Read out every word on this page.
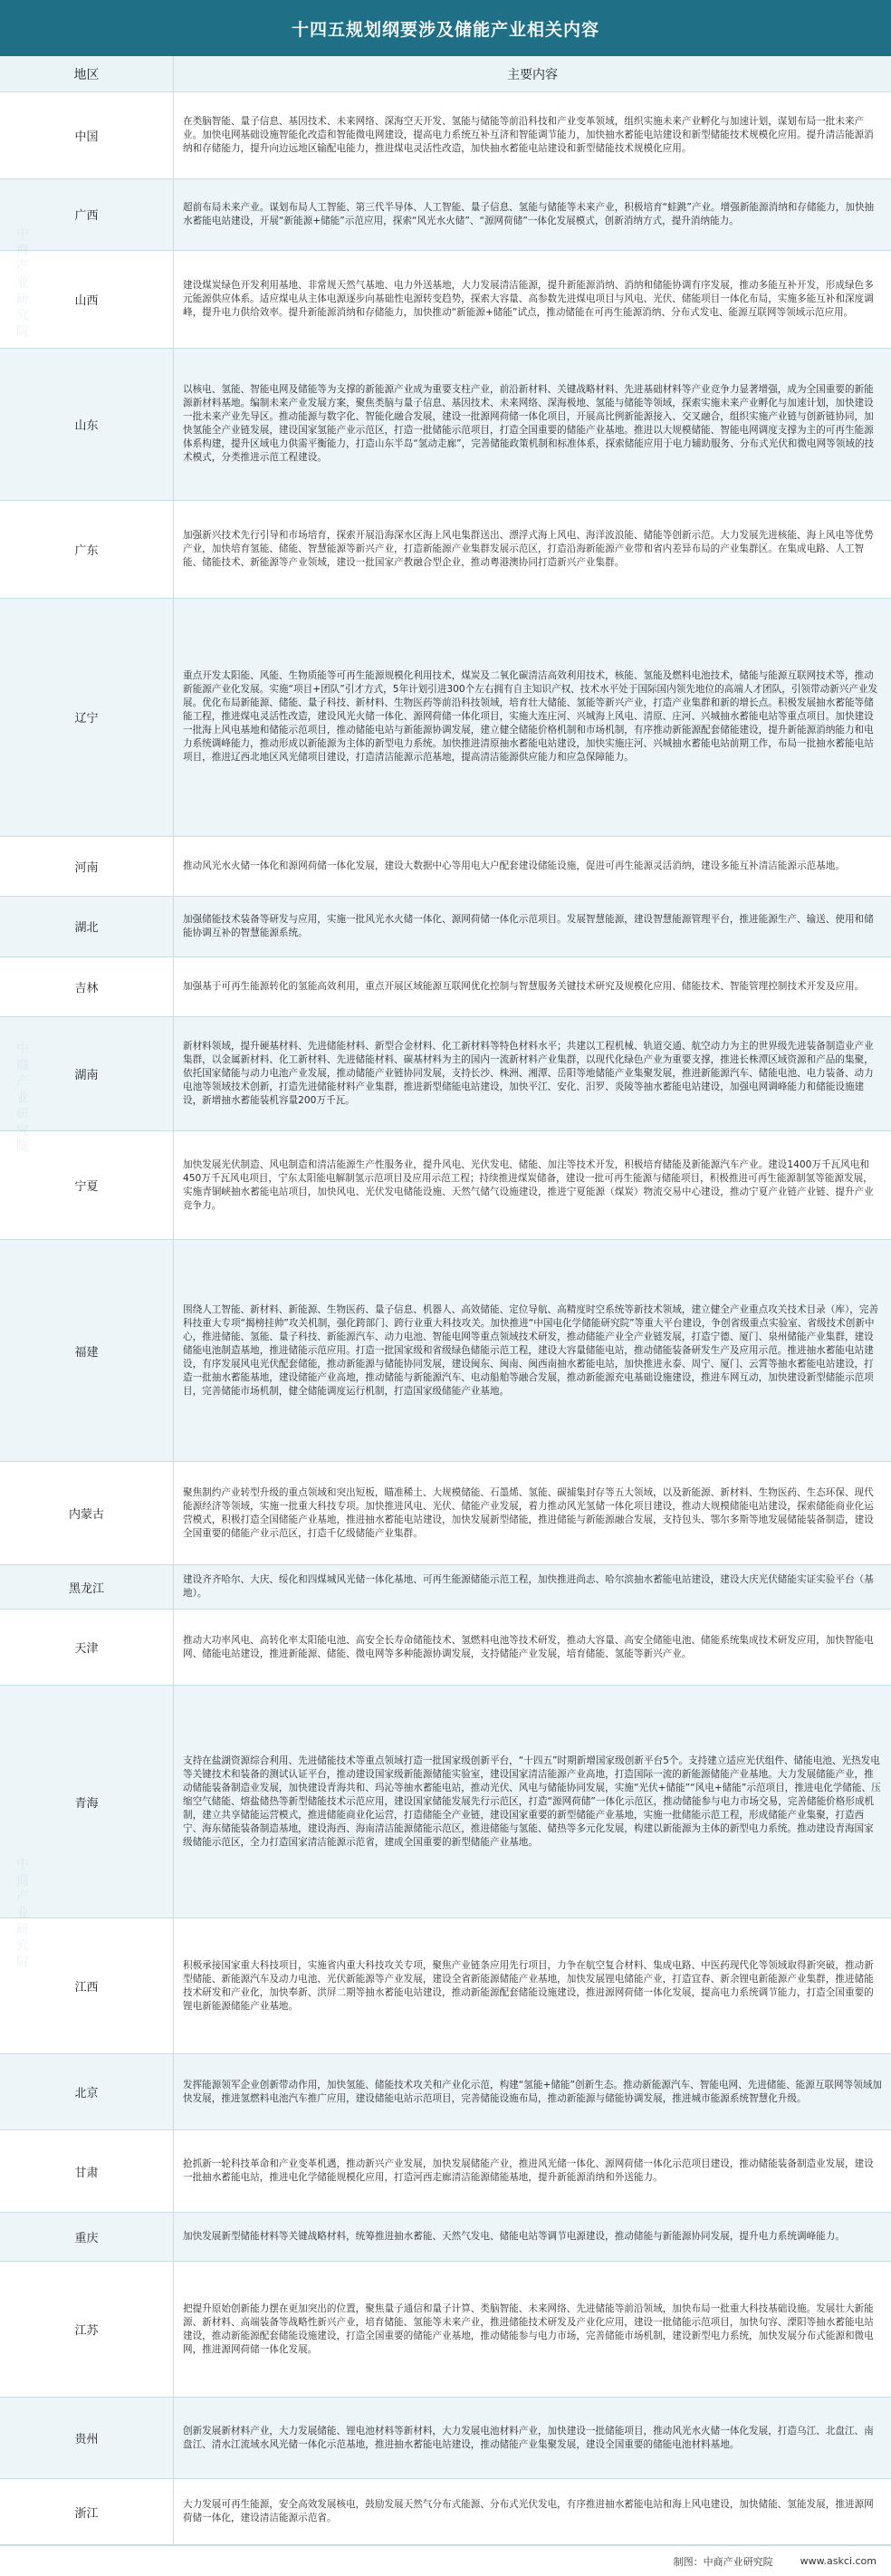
十四五规划纲要涉及储能产业相关内容
地区	主要内容
中国
在类脑智能、量子信息、基因技术、未来网络、深海空天开发、氢能与储能等前沿科技和产业变革领域，组织实施未来产业孵化与加速计划，谋划布局一批未来产业。加快电网基础设施智能化改造和智能微电网建设，提高电力系统互补互济和智能调节能力，加快抽水蓄能电站建设和新型储能技术规模化应用。提升清洁能源消纳和存储能力，提升向边远地区输配电能力，推进煤电灵活性改造，加快抽水蓄能电站建设和新型储能技术规模化应用。
广西
超前布局未来产业。谋划布局人工智能、第三代半导体、人工智能、量子信息、氢能与储能等未来产业，积极培育“蛙跳”产业。增强新能源消纳和存储能力，加快抽水蓄能电站建设，开展“新能源+储能”示范应用，探索“风光水火储”、“源网荷储”一体化发展模式，创新消纳方式，提升消纳能力。
山西
建设煤炭绿色开发利用基地、非常规天然气基地、电力外送基地，大力发展清洁能源，提升新能源消纳、消纳和储能协调有序发展，推动多能互补开发，形成绿色多元能源供应体系。适应煤电从主体电源逐步向基础性电源转变趋势，探索大容量、高参数先进煤电项目与风电、光伏、储能项目一体化布局，实施多能互补和深度调峰，提升电力供给效率。提升新能源消纳和存储能力，加快推动“新能源+储能”试点，推动储能在可再生能源消纳、分布式发电、能源互联网等领域示范应用。
山东
以核电、氢能、智能电网及储能等为支撑的新能源产业成为重要支柱产业，前沿新材料、关键战略材料、先进基础材料等产业竞争力显著增强，成为全国重要的新能源新材料基地。编制未来产业发展方案，聚焦类脑与量子信息、基因技术、未来网络、深海极地、氢能与储能等领域，探索实施未来产业孵化与加速计划，加快建设一批未来产业先导区。推动能源与数字化、智能化融合发展，建设一批源网荷储一体化项目，开展高比例新能源接入、交叉融合，组织实施产业链与创新链协同，加快氢能全产业链发展，建设国家氢能产业示范区，打造一批储能示范项目，打造全国重要的储能产业基地。推进以大规模储能、智能电网调度支撑为主的可再生能源体系构建，提升区域电力供需平衡能力，打造山东半岛“氢动走廊”，完善储能政策机制和标准体系，探索储能应用于电力辅助服务、分布式光伏和微电网等领域的技术模式，分类推进示范工程建设。
广东
加强新兴技术先行引导和市场培育，探索开展沿海深水区海上风电集群送出、漂浮式海上风电、海洋波浪能、储能等创新示范。大力发展先进核能、海上风电等优势产业，加快培育氢能、储能、智慧能源等新兴产业，打造新能源产业集群发展示范区，打造沿海新能源产业带和省内差异布局的产业集群区。在集成电路、人工智能、储能技术、新能源等产业领域，建设一批国家产教融合型企业，推动粤港澳协同打造新兴产业集群。
辽宁
重点开发太阳能、风能、生物质能等可再生能源规模化利用技术，煤炭及二氧化碳清洁高效利用技术，核能、氢能及燃料电池技术，储能与能源互联网技术等，推动新能源产业化发展。实施“项目+团队”引才方式，5年计划引进300个左右拥有自主知识产权、技术水平处于国际国内领先地位的高端人才团队，引领带动新兴产业发展。优化布局新能源、储能、量子科技、新材料、生物医药等前沿科技领域，培育壮大储能、氢能等新兴产业，打造产业集群和新的增长点。积极发展抽水蓄能等储能工程，推进煤电灵活性改造，建设风光火储一体化、源网荷储一体化项目，实施大连庄河、兴城海上风电、清原、庄河、兴城抽水蓄能电站等重点项目。加快建设一批海上风电基地和储能示范项目，推动储能电站与新能源协调发展，建立健全储能价格机制和市场机制，有序推动新能源配套储能建设，提升新能源消纳能力和电力系统调峰能力，推动形成以新能源为主体的新型电力系统。加快推进清原抽水蓄能电站建设，加快实施庄河、兴城抽水蓄能电站前期工作，布局一批抽水蓄能电站项目，推进辽西北地区风光储项目建设，打造清洁能源示范基地，提高清洁能源供应能力和应急保障能力。
河南	推动风光水火储一体化和源网荷储一体化发展，建设大数据中心等用电大户配套建设储能设施，促进可再生能源灵活消纳，建设多能互补清洁能源示范基地。
湖北
加强储能技术装备等研发与应用，实施一批风光水火储一体化、源网荷储一体化示范项目。发展智慧能源，建设智慧能源管理平台，推进能源生产、输送、使用和储能协调互补的智慧能源系统。
吉林	加强基于可再生能源转化的氢能高效利用，重点开展区域能源互联网优化控制与智慧服务关键技术研究及规模化应用、储能技术、智能管理控制技术开发及应用。
湖南
新材料领域，提升硬基材料、先进储能材料、新型合金材料、化工新材料等特色材料水平；共建以工程机械、轨道交通、航空动力为主的世界级先进装备制造业产业集群，以金属新材料、化工新材料、先进储能材料、碳基材料为主的国内一流新材料产业集群，以现代化绿色产业为重要支撑，推进长株潭区域资源和产品的集聚，依托国家储能与动力电池产业发展，推动储能产业链协同发展，支持长沙、株洲、湘潭、岳阳等地储能产业集聚发展，推进新能源汽车、储能电池、电力装备、动力电池等领域技术创新，打造先进储能材料产业集群，推进新型储能电站建设，加快平江、安化、汨罗、炎陵等抽水蓄能电站建设，加强电网调峰能力和储能设施建设，新增抽水蓄能装机容量200万千瓦。
宁夏
加快发展光伏制造、风电制造和清洁能源生产性服务业，提升风电、光伏发电、储能、加注等技术开发，积极培育储能及新能源汽车产业。建设1400万千瓦风电和450万千瓦风电项目，宁东太阳能电解制氢示范项目及应用示范工程；持续推进煤炭储备，建设一批可再生能源与储能项目，积极推进可再生能源制氢等能源发展，实施青铜峡抽水蓄能电站项目，加快风电、光伏发电储能设施、天然气储气设施建设，推进宁夏能源（煤炭）物流交易中心建设，推动宁夏产业链产业链、提升产业竞争力。
福建
围绕人工智能、新材料、新能源、生物医药、量子信息、机器人、高效储能、定位导航、高精度时空系统等新技术领域，建立健全产业重点攻关技术目录（库），完善科技重大专项“揭榜挂帅”攻关机制，强化跨部门、跨行业重大科技攻关。加快推进“中国电化学储能研究院”等重大平台建设，争创省级重点实验室、省级技术创新中心，推进储能、氢能、量子科技、新能源汽车、动力电池、智能电网等重点领域技术研发，推动储能产业全产业链发展，打造宁德、厦门、泉州储能产业集群，建设储能电池制造基地，推进储能示范应用。打造一批国家级和省级绿色储能示范工程，建设大容量储能电站，推动储能装备研发生产及应用示范。推进抽水蓄能电站建设，有序发展风电光伏配套储能，推动新能源与储能协同发展，建设闽东、闽南、闽西南抽水蓄能电站，加快推进永泰、周宁、厦门、云霄等抽水蓄能电站建设，打造一批抽水蓄能基地，建设储能产业高地，推动储能与新能源汽车、电动船舶等融合发展，推动新能源充电基础设施建设，推进车网互动，加快建设新型储能示范项目，完善储能市场机制，健全储能调度运行机制，打造国家级储能产业基地。
内蒙古
聚焦制约产业转型升级的重点领域和突出短板，瞄准稀土、大规模储能、石墨烯、氢能、碳捕集封存等五大领域，以及新能源、新材料、生物医药、生态环保、现代能源经济等领域，实施一批重大科技专项。加快推进风电、光伏、储能产业发展，着力推动风光氢储一体化项目建设，推动大规模储能电站建设，探索储能商业化运营模式，积极打造全国储能产业基地，推进抽水蓄能电站建设，加快发展新型储能，推进储能与新能源融合发展，支持包头、鄂尔多斯等地发展储能装备制造，建设全国重要的储能产业示范区，打造千亿级储能产业集群。
黑龙江
建设齐齐哈尔、大庆、绥化和四煤城风光储一体化基地、可再生能源储能示范工程，加快推进尚志、哈尔滨抽水蓄能电站建设，建设大庆光伏储能实证实验平台（基地）。
天津
推动大功率风电、高转化率太阳能电池、高安全长寿命储能技术、氢燃料电池等技术研发，推动大容量、高安全储能电池、储能系统集成技术研发应用，加快智能电网、储能电站建设，推进新能源、储能、微电网等多种能源协调发展，支持储能产业发展，培育储能、氢能等新兴产业。
青海
支持在盐湖资源综合利用、先进储能技术等重点领域打造一批国家级创新平台，“十四五”时期新增国家级创新平台5个。支持建立适应光伏组件、储能电池、光热发电等关键技术和装备的测试认证平台，推动建设国家级新能源储能实验室，建设国家清洁能源产业高地，打造国际一流的新能源储能产业基地。大力发展储能产业，推动储能装备制造业发展，加快建设青海共和、玛沁等抽水蓄能电站，推动光伏、风电与储能协同发展，实施“光伏+储能”“风电+储能”示范项目，推进电化学储能、压缩空气储能、熔盐储热等新型储能技术示范应用，建设国家储能发展先行示范区，打造“源网荷储”一体化示范区，推动储能参与电力市场交易，完善储能价格形成机制，建立共享储能运营模式，推进储能商业化运营，打造储能全产业链，建设国家重要的新型储能产业基地，实施一批储能示范工程，形成储能产业集聚，打造西宁、海东储能装备制造基地，建设海西、海南清洁能源储能示范区，推进储能与氢能、储热等多元化发展，构建以新能源为主体的新型电力系统。推动建设青海国家级储能示范区，全力打造国家清洁能源示范省，建成全国重要的新型储能产业基地。
江西
积极承接国家重大科技项目，实施省内重大科技攻关专项，聚焦产业链条应用先行项目，力争在航空复合材料、集成电路、中医药现代化等领域取得新突破，推动新型储能、新能源汽车及动力电池、光伏新能源等产业发展，建设全省新能源储能产业基地，加快发展锂电储能产业，打造宜春、新余锂电新能源产业集群，推进储能技术研发和产业化，加快奉新、洪屏二期等抽水蓄能电站建设，推动新能源配套储能设施建设，推进源网荷储一体化发展，提高电力系统调节能力，打造全国重要的锂电新能源储能产业基地。
北京
发挥能源领军企业创新带动作用，加快氢能、储能技术攻关和产业化示范，构建“氢能+储能”创新生态。推动新能源汽车、智能电网、先进储能、能源互联网等领域加快发展，推进氢燃料电池汽车推广应用，建设储能电站示范项目，完善储能设施布局，推动新能源与储能协调发展，推进城市能源系统智慧化升级。
甘肃
抢抓新一轮科技革命和产业变革机遇，推动新兴产业发展，加快发展储能产业，推进风光储一体化、源网荷储一体化示范项目建设，推动储能装备制造业发展，建设一批抽水蓄能电站，推进电化学储能规模化应用，打造河西走廊清洁能源储能基地，提升新能源消纳和外送能力。
重庆	加快发展新型储能材料等关键战略材料，统筹推进抽水蓄能、天然气发电、储能电站等调节电源建设，推动储能与新能源协同发展，提升电力系统调峰能力。
江苏
把提升原始创新能力摆在更加突出的位置，聚焦量子通信和量子计算、类脑智能、未来网络、先进储能等前沿领域，加快布局一批重大科技基础设施。发展壮大新能源、新材料、高端装备等战略性新兴产业，培育储能、氢能等未来产业，推进储能技术研发及产业化应用，建设一批储能示范项目，加快句容、溧阳等抽水蓄能电站建设，推动新能源配套储能设施建设，打造全国重要的储能产业基地，推动储能参与电力市场，完善储能市场机制，建设新型电力系统，加快发展分布式能源和微电网，推进源网荷储一体化发展。
贵州
创新发展新材料产业，大力发展储能、锂电池材料等新材料，大力发展电池材料产业，加快建设一批储能项目，推动风光水火储一体化发展，打造乌江、北盘江、南盘江、清水江流域水风光储一体化示范基地，推进抽水蓄能电站建设，推动储能产业集聚发展，建设全国重要的储能电池材料基地。
浙江
大力发展可再生能源，安全高效发展核电，鼓励发展天然气分布式能源、分布式光伏发电，有序推进抽水蓄能电站和海上风电建设，加快储能、氢能发展，推进源网荷储一体化，建设清洁能源示范省。
制图：中商产业研究院	www.askci.com
